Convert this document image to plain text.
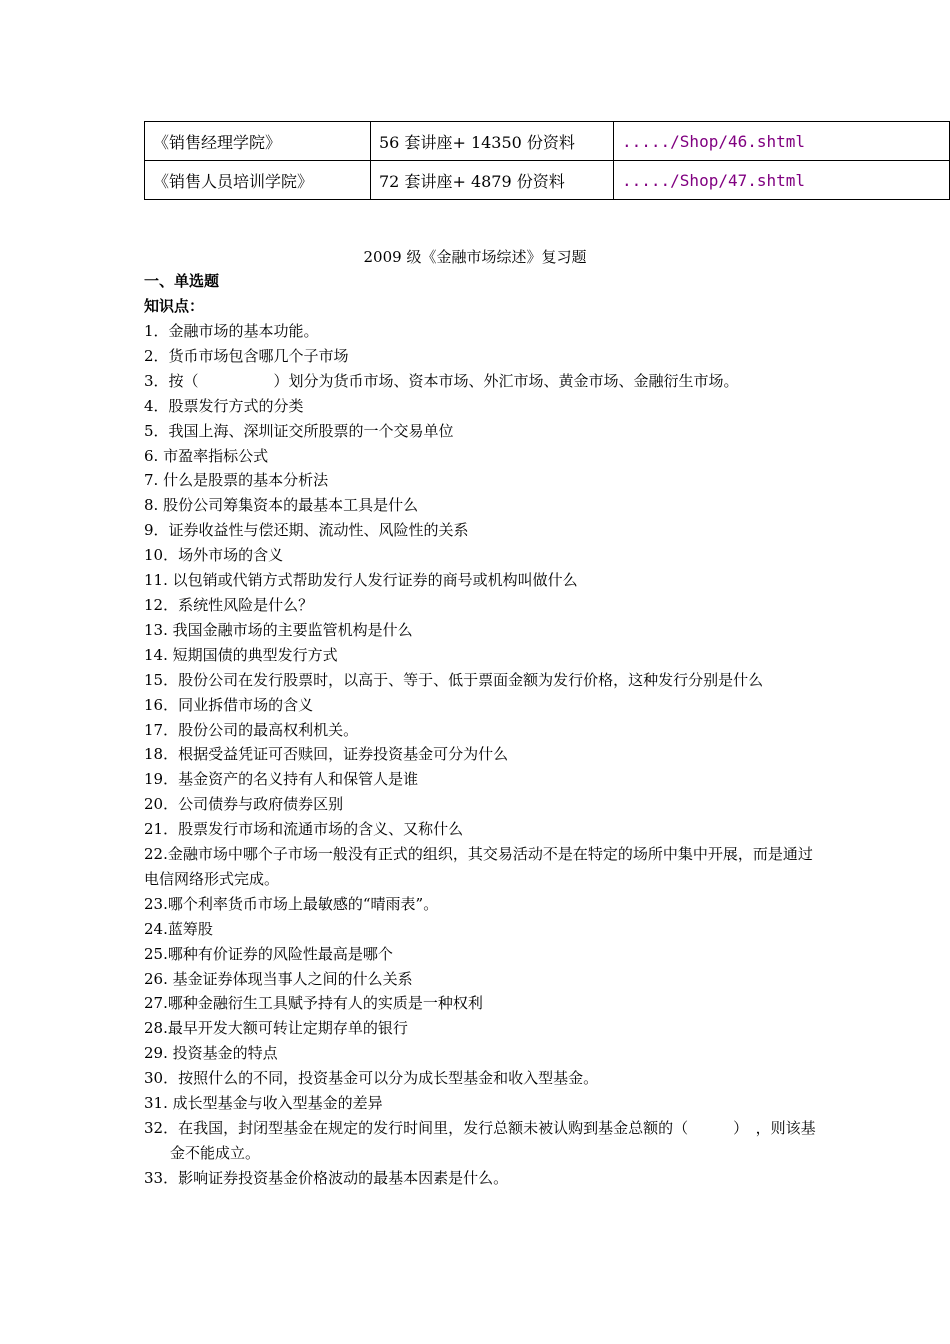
《销售经理学院》	56 套讲座+ 14350 份资料	...../Shop/46.shtml
《销售人员培训学院》	72 套讲座+ 4879 份资料	...../Shop/47.shtml
2009 级《金融市场综述》复习题
一、单选题
知识点：
1．金融市场的基本功能。
2．货币市场包含哪几个子市场
3．按（　　　　　）划分为货币市场、资本市场、外汇市场、黄金市场、金融衍生市场。
4．股票发行方式的分类
5．我国上海、深圳证交所股票的一个交易单位
6. 市盈率指标公式
7. 什么是股票的基本分析法
8. 股份公司筹集资本的最基本工具是什么
9．证券收益性与偿还期、流动性、风险性的关系
10．场外市场的含义
11. 以包销或代销方式帮助发行人发行证券的商号或机构叫做什么
12．系统性风险是什么？
13. 我国金融市场的主要监管机构是什么
14. 短期国债的典型发行方式
15．股份公司在发行股票时，以高于、等于、低于票面金额为发行价格，这种发行分别是什么
16．同业拆借市场的含义
17．股份公司的最高权利机关。
18．根据受益凭证可否赎回，证券投资基金可分为什么
19．基金资产的名义持有人和保管人是谁
20．公司债券与政府债券区别
21．股票发行市场和流通市场的含义、又称什么
22.金融市场中哪个子市场一般没有正式的组织，其交易活动不是在特定的场所中集中开展，而是通过电信网络形式完成。
23.哪个利率货币市场上最敏感的“晴雨表”。
24.蓝筹股
25.哪种有价证券的风险性最高是哪个
26. 基金证券体现当事人之间的什么关系
27.哪种金融衍生工具赋予持有人的实质是一种权利
28.最早开发大额可转让定期存单的银行
29. 投资基金的特点
30．按照什么的不同，投资基金可以分为成长型基金和收入型基金。
31. 成长型基金与收入型基金的差异
32．在我国，封闭型基金在规定的发行时间里，发行总额未被认购到基金总额的（　　　）　，则该基金不能成立。
33．影响证券投资基金价格波动的最基本因素是什么。
